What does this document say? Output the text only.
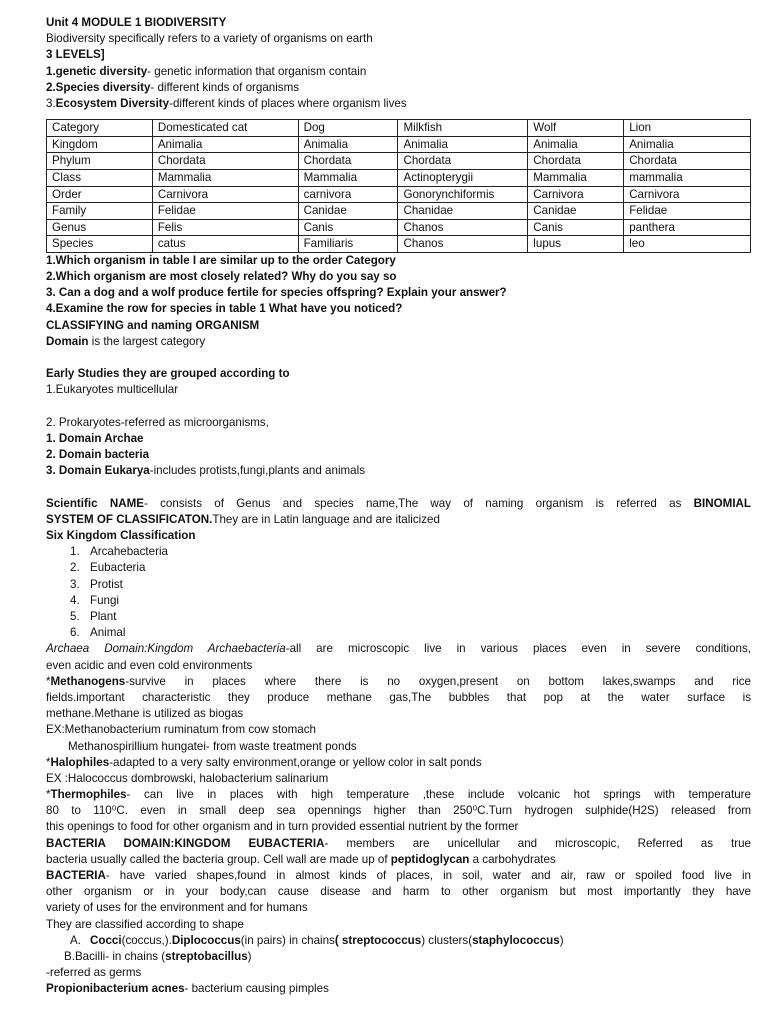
Unit 4 MODULE 1 BIODIVERSITY
Biodiversity specifically refers to a variety of organisms on earth
3 LEVELS]
1.genetic diversity- genetic information that organism contain
2.Species diversity- different kinds of organisms
3.Ecosystem Diversity-different kinds of places where organism lives
Category	Domesticated cat	Dog	Milkfish	Wolf	Lion
Kingdom	Animalia	Animalia	Animalia	Animalia	Animalia
Phylum	Chordata	Chordata	Chordata	Chordata	Chordata
Class	Mammalia	Mammalia	Actinopterygii	Mammalia	mammalia
Order	Carnivora	carnivora	Gonorynchiformis	Carnivora	Carnivora
Family	Felidae	Canidae	Chanidae	Canidae	Felidae
Genus	Felis	Canis	Chanos	Canis	panthera
Species	catus	Familiaris	Chanos	lupus	leo
1.Which organism in table I are similar up to the order Category
2.Which organism are most closely related? Why do you say so
3. Can a dog and a wolf produce fertile for species offspring? Explain your answer?
4.Examine the row for species in table 1 What have you noticed?
CLASSIFYING and naming ORGANISM
Domain is the largest category
Early Studies they are grouped according to
1.Eukaryotes multicellular
2. Prokaryotes-referred as microorganisms,
1. Domain Archae
2. Domain bacteria
3. Domain Eukarya-includes protists,fungi,plants and animals
Scientific NAME- consists of Genus and species name,The way of naming organism is referred as BINOMIAL
SYSTEM OF CLASSIFICATON.They are in Latin language and are italicized
Six Kingdom Classification
1. Arcahebacteria
2. Eubacteria
3. Protist
4. Fungi
5. Plant
6. Animal
Archaea Domain:Kingdom Archaebacteria-all are microscopic live in various places even in severe conditions,
even acidic and even cold environments
*Methanogens-survive in places where there is no oxygen,present on bottom lakes,swamps and rice
fields.important characteristic they produce methane gas,The bubbles that pop at the water surface is
methane.Methane is utilized as biogas
EX:Methanobacterium ruminatum from cow stomach
Methanospirillium hungatei- from waste treatment ponds
*Halophiles-adapted to a very salty environment,orange or yellow color in salt ponds
EX :Halococcus dombrowski, halobacterium salinarium
*Thermophiles- can live in places with high temperature ,these include volcanic hot springs with temperature
80 to 110⁰C. even in small deep sea opennings higher than 250⁰C.Turn hydrogen sulphide(H2S) released from
this openings to food for other organism and in turn provided essential nutrient by the former
BACTERIA DOMAIN:KINGDOM EUBACTERIA- members are unicellular and microscopic, Referred as true
bacteria usually called the bacteria group. Cell wall are made up of peptidoglycan a carbohydrates
BACTERIA- have varied shapes,found in almost kinds of places, in soil, water and air, raw or spoiled food live in
other organism or in your body,can cause disease and harm to other organism but most importantly they have
variety of uses for the environment and for humans
They are classified according to shape
A. Cocci(coccus,).Diplococcus(in pairs) in chains( streptococcus) clusters(staphylococcus)
B.Bacilli- in chains (streptobacillus)
-referred as germs
Propionibacterium acnes- bacterium causing pimples
